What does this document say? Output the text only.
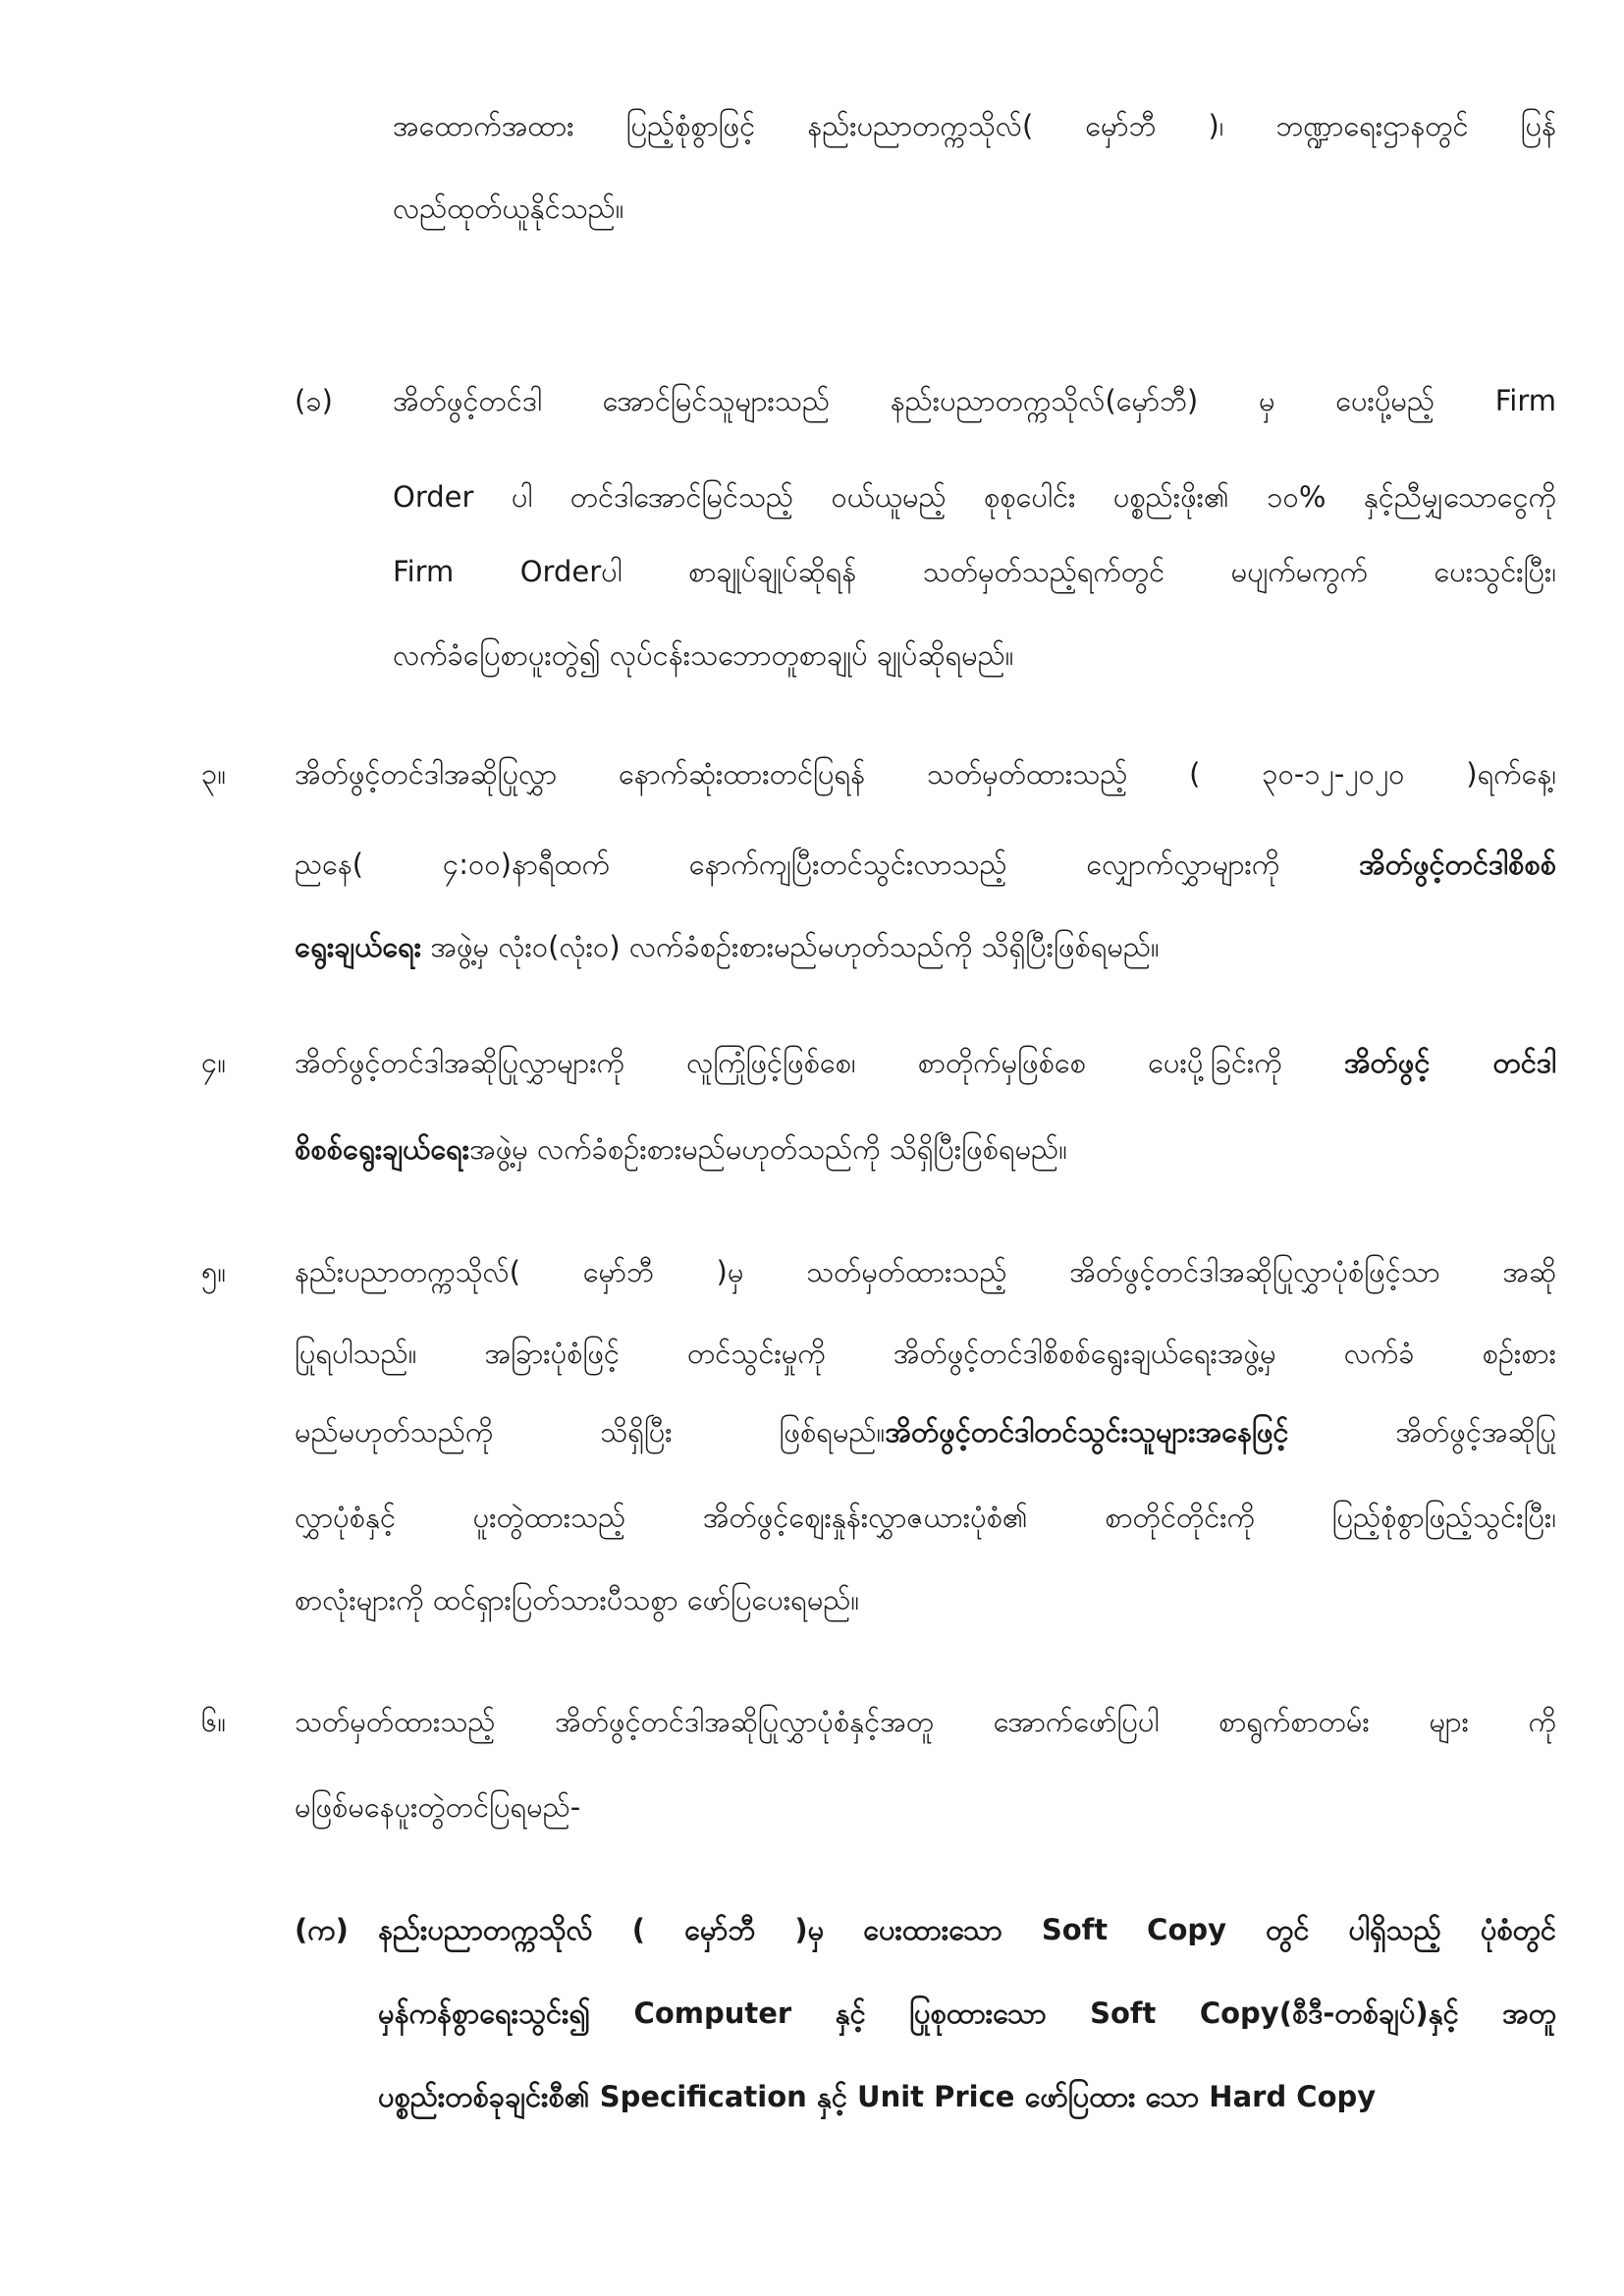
အထောက်အထား ပြည့်စုံစွာဖြင့် နည်းပညာတက္ကသိုလ်( မှော်ဘီ )၊ ဘဏ္ဍာရေးဌာနတွင် ပြန်
လည်ထုတ်ယူနိုင်သည်။
(ခ) အိတ်ဖွင့်တင်ဒါ အောင်မြင်သူများသည် နည်းပညာတက္ကသိုလ်(မှော်ဘီ) မှ ပေးပို့မည့် Firm
Order ပါ တင်ဒါအောင်မြင်သည့် ဝယ်ယူမည့် စုစုပေါင်း ပစ္စည်းဖိုး၏ ၁၀% နှင့်ညီမျှသောငွေကို
Firm Orderပါ စာချုပ်ချုပ်ဆိုရန် သတ်မှတ်သည့်ရက်တွင် မပျက်မကွက် ပေးသွင်းပြီး၊
လက်ခံပြေစာပူးတွဲ၍ လုပ်ငန်းသဘောတူစာချုပ် ချုပ်ဆိုရမည်။
၃။ အိတ်ဖွင့်တင်ဒါအဆိုပြုလွှာ နောက်ဆုံးထားတင်ပြရန် သတ်မှတ်ထားသည့် ( ၃၀-၁၂-၂၀၂၀ )ရက်နေ့၊
ညနေ( ၄:၀၀)နာရီထက် နောက်ကျပြီးတင်သွင်းလာသည့် လျှောက်လွှာများကို အိတ်ဖွင့်တင်ဒါစိစစ်
ရွေးချယ်ရေး အဖွဲ့မှ လုံးဝ(လုံးဝ) လက်ခံစဉ်းစားမည်မဟုတ်သည်ကို သိရှိပြီးဖြစ်ရမည်။
၄။ အိတ်ဖွင့်တင်ဒါအဆိုပြုလွှာများကို လူကြုံဖြင့်ဖြစ်စေ၊ စာတိုက်မှဖြစ်စေ ပေးပို့ခြင်းကို အိတ်ဖွင့် တင်ဒါ
စိစစ်ရွေးချယ်ရေးအဖွဲ့မှ လက်ခံစဉ်းစားမည်မဟုတ်သည်ကို သိရှိပြီးဖြစ်ရမည်။
၅။ နည်းပညာတက္ကသိုလ်( မှော်ဘီ )မှ သတ်မှတ်ထားသည့် အိတ်ဖွင့်တင်ဒါအဆိုပြုလွှာပုံစံဖြင့်သာ အဆို
ပြုရပါသည်။ အခြားပုံစံဖြင့် တင်သွင်းမှုကို အိတ်ဖွင့်တင်ဒါစိစစ်ရွေးချယ်ရေးအဖွဲ့မှ လက်ခံ စဉ်းစား
မည်မဟုတ်သည်ကို သိရှိပြီး ဖြစ်ရမည်။အိတ်ဖွင့်တင်ဒါတင်သွင်းသူများအနေဖြင့် အိတ်ဖွင့်အဆိုပြု
လွှာပုံစံနှင့် ပူးတွဲထားသည့် အိတ်ဖွင့်ဈေးနှုန်းလွှာဇယားပုံစံ၏ စာတိုင်တိုင်းကို ပြည့်စုံစွာဖြည့်သွင်းပြီး၊
စာလုံးများကို ထင်ရှားပြတ်သားပီသစွာ ဖော်ပြပေးရမည်။
၆။ သတ်မှတ်ထားသည့် အိတ်ဖွင့်တင်ဒါအဆိုပြုလွှာပုံစံနှင့်အတူ အောက်ဖော်ပြပါ စာရွက်စာတမ်း များ ကို
မဖြစ်မနေပူးတွဲတင်ပြရမည်-
(က) နည်းပညာတက္ကသိုလ် ( မှော်ဘီ )မှ ပေးထားသော Soft Copy တွင် ပါရှိသည့် ပုံစံတွင်
မှန်ကန်စွာရေးသွင်း၍ Computer နှင့် ပြုစုထားသော Soft Copy(စီဒီ-တစ်ချပ်)နှင့် အတူ
ပစ္စည်းတစ်ခုချင်းစီ၏ Specification နှင့် Unit Price ဖော်ပြထား သော Hard Copy
